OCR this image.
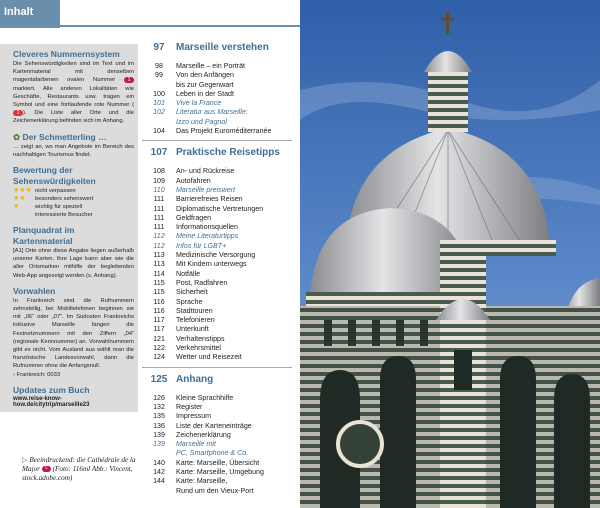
Inhalt
Cleveres Nummernsystem
Die Sehenswürdigkeiten sind im Text und im Kartenmaterial mit denselben magentafarbenen ovalen Nummer 1 markiert. Alle anderen Lokalitäten wie Geschäfte, Restaurants usw. tragen ein Symbol und eine fortlaufende rote Nummer (1 ). Die Liste aller Orte und die Zeichenerklärung befinden sich im Anhang.
✿ Der Schmetterling …
… zeigt an, wo man Angebote im Bereich des nachhaltigen Tourismus findet.
Bewertung der Sehenswürdigkeiten
★★★ nicht verpassen
★★ besonders sehenswert
★	wichtig für speziell
interessierte Besucher
Planquadrat im Kartenmaterial
[A1] Orte ohne diese Angabe liegen außerhalb unserer Karten. Ihre Lage kann aber wie die aller Ortsmarken mithilfe der begleitenden Web-App angezeigt werden (s. Anhang).
Vorwahlen
In Frankreich sind die Rufnummern zehnstellig, bei Mobiltelefonen beginnen sie mit „06“ oder „07“. Im Südosten Frankreichs inklusive Marseille fangen die Festnetznummern mit den Ziffern „04“ (regionale Kennnummer) an. Vorwahlnummern gibt es nicht. Vom Ausland aus wählt man die französische Landesvorwahl, dann die Rufnummer ohne die Anfangsnull.
› Frankreich: 0033
Updates zum Buch
www.reise-know-how.de/citytrip/marseille23
▷ Beeindruckend: die Cathédrale de la Major 5 (Foto: 116ml Abb.: Vincent, stock.adobe.com)
97	Marseille verstehen
98	Marseille – ein Porträt
99	Von den Anfängen
bis zur Gegenwart
100	Leben in der Stadt
101	Vive la France
102	Literatur aus Marseille:
Izzo und Pagnol
104	Das Projekt Euroméditerranée
107 Praktische Reisetipps
108	An- und Rückreise
109	Autofahren
110	Marseille preiswert
111	Barrierefreies Reisen
111	Diplomatische Vertretungen
111	Geldfragen
111	Informationsquellen
112	Meine Literaturtipps
112	Infos für LGBT+
113	Medizinische Versorgung
113	Mit Kindern unterwegs
114	Notfälle
115	Post, Radfahren
115	Sicherheit
116	Sprache
116	Stadttouren
117	Telefonieren
117	Unterkunft
121	Verhaltenstipps
122	Verkehrsmittel
124	Wetter und Reisezeit
125 Anhang
126	Kleine Sprachhilfe
132	Register
135	Impressum
136	Liste der Karteneinträge
139	Zeichenerklärung
139	Marseille mit
PC, Smartphone & Co.
140	Karte: Marseille, Übersicht
142	Karte: Marseille, Umgebung
144	Karte: Marseille,
Rund um den Vieux-Port
